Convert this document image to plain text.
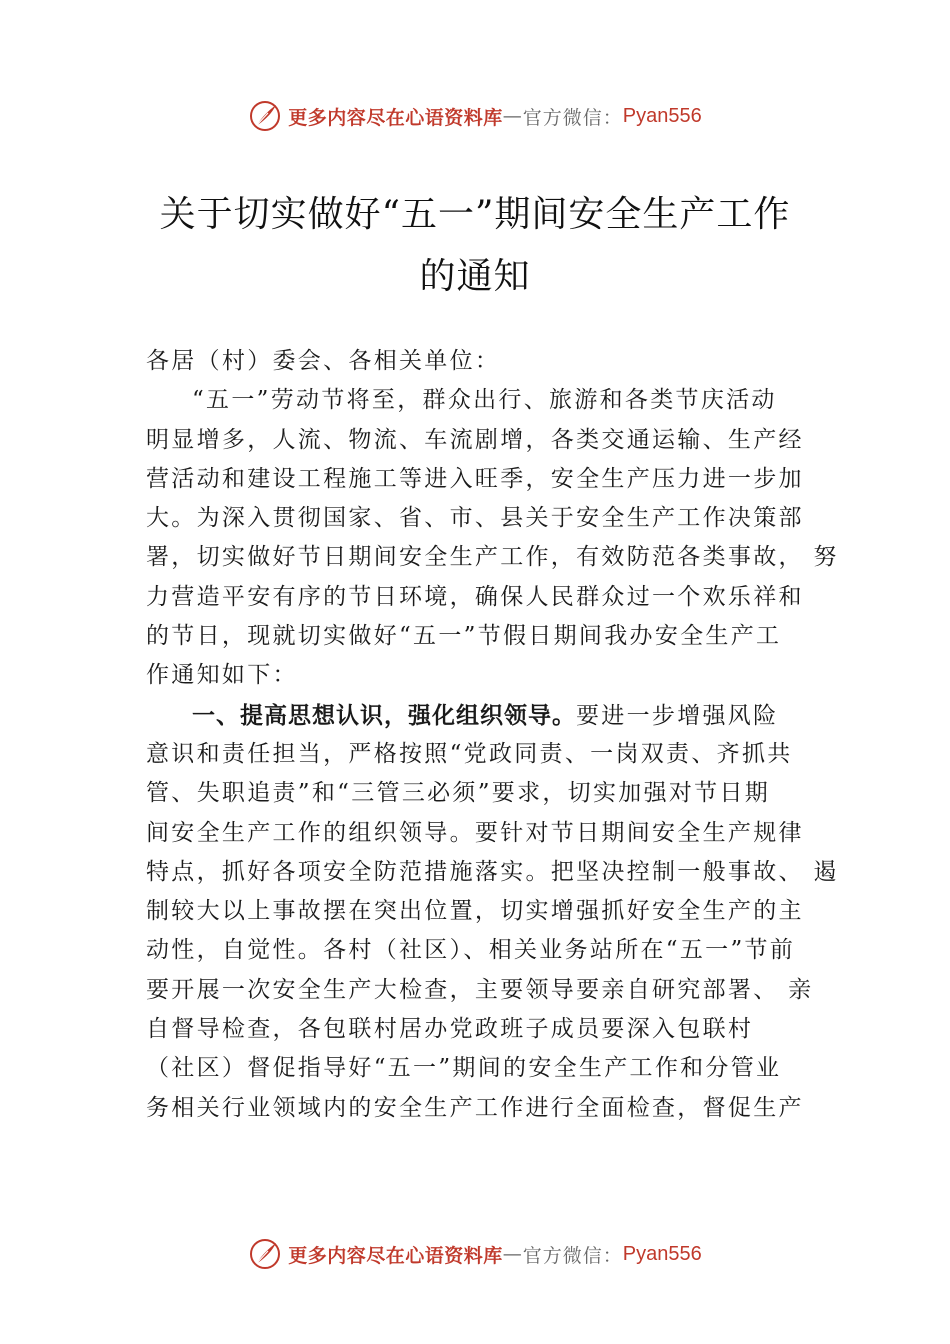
更多内容尽在心语资料库 — 官方微信： Pyan556
关于切实做好“五一”期间安全生产工作
的通知
各居（村）委会、各相关单位：
“五一”劳动节将至，群众出行、旅游和各类节庆活动
明显增多，人流、物流、车流剧增，各类交通运输、生产经
营活动和建设工程施工等进入旺季，安全生产压力进一步加
大。为深入贯彻国家、省、市、县关于安全生产工作决策部
署，切实做好节日期间安全生产工作，有效防范各类事故， 努
力营造平安有序的节日环境，确保人民群众过一个欢乐祥和
的节日，现就切实做好“五一”节假日期间我办安全生产工
作通知如下：
一、提高思想认识，强化组织领导。要进一步增强风险
意识和责任担当，严格按照“党政同责、一岗双责、齐抓共
管、失职追责”和“三管三必须”要求，切实加强对节日期
间安全生产工作的组织领导。要针对节日期间安全生产规律
特点，抓好各项安全防范措施落实。把坚决控制一般事故、 遏
制较大以上事故摆在突出位置，切实增强抓好安全生产的主
动性，自觉性。各村（社区）、相关业务站所在“五一”节前
要开展一次安全生产大检查，主要领导要亲自研究部署、 亲
自督导检查，各包联村居办党政班子成员要深入包联村
（社区）督促指导好“五一”期间的安全生产工作和分管业
务相关行业领域内的安全生产工作进行全面检查，督促生产
更多内容尽在心语资料库 — 官方微信： Pyan556
